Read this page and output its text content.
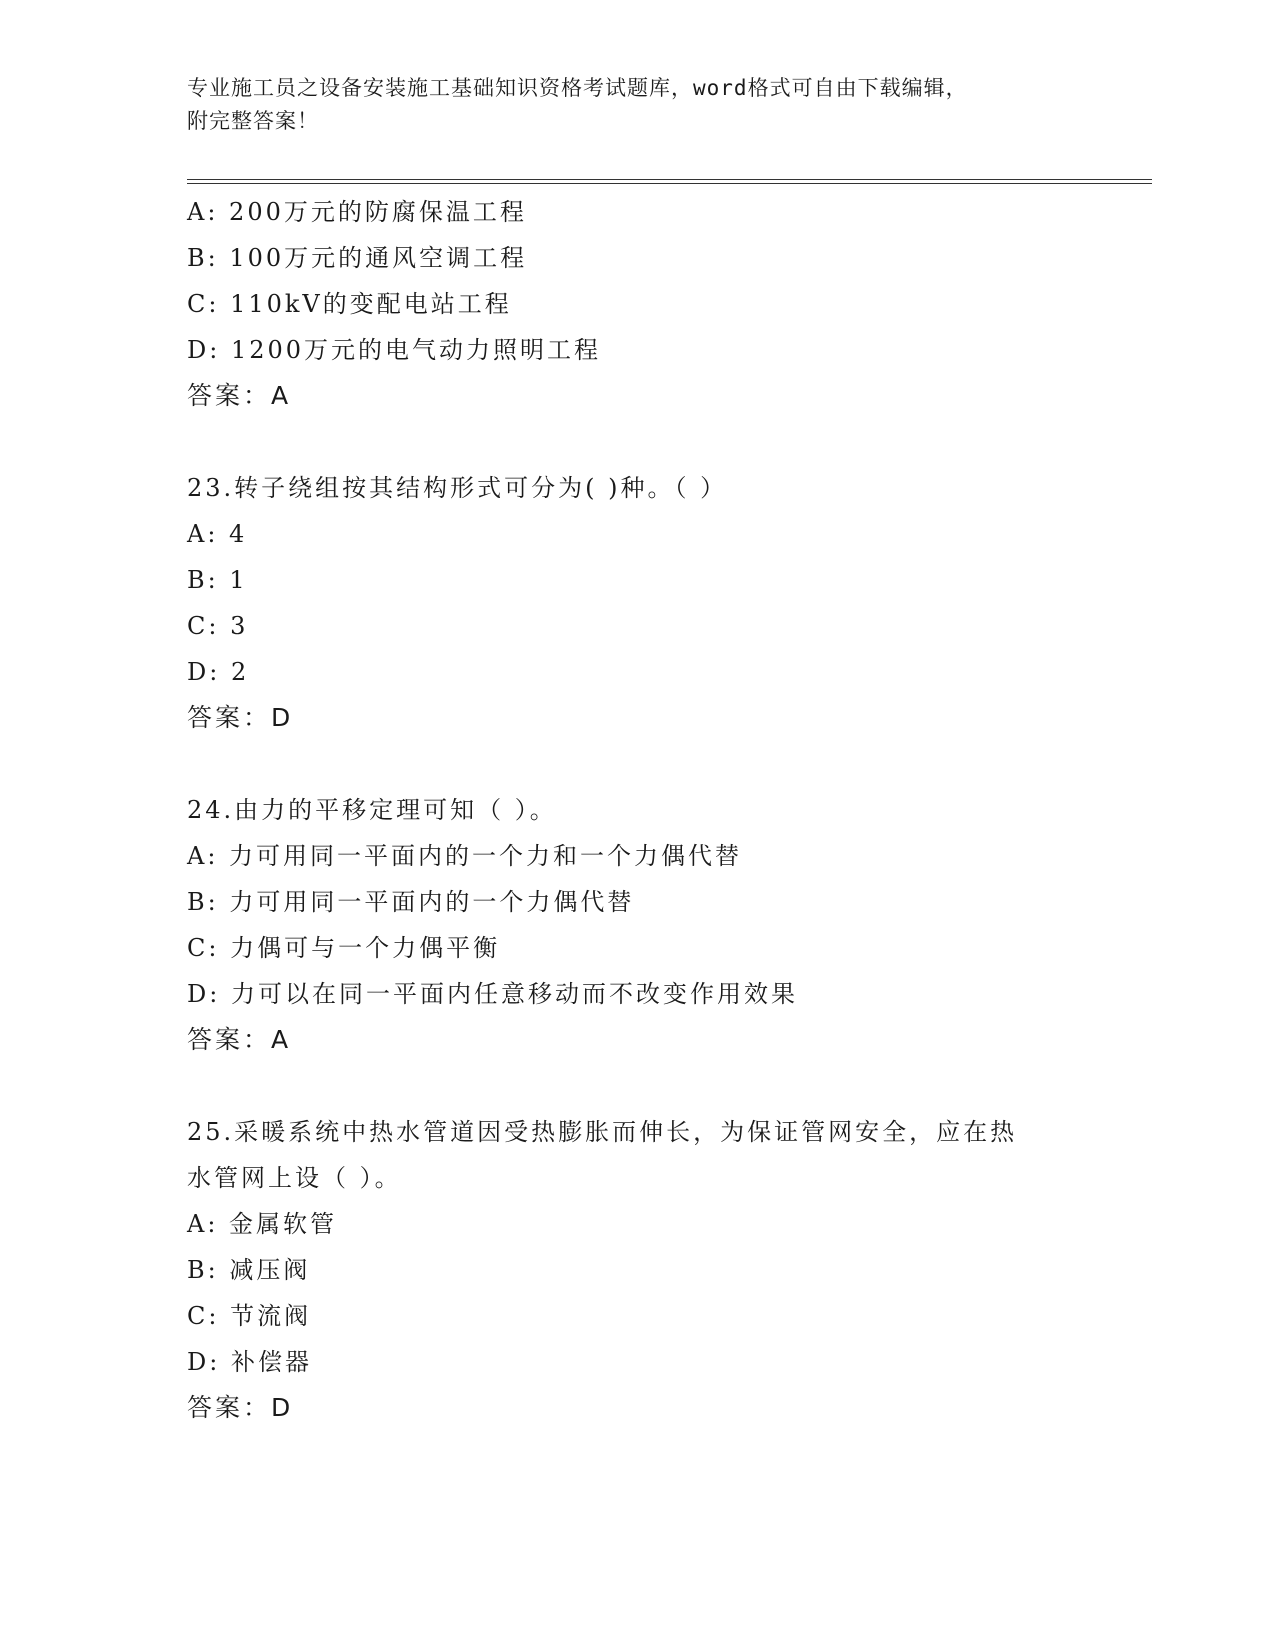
专业施工员之设备安装施工基础知识资格考试题库，word格式可自由下载编辑，
附完整答案！
A: 200万元的防腐保温工程
B: 100万元的通风空调工程
C: 110kV的变配电站工程
D: 1200万元的电气动力照明工程
答案：A
23.转子绕组按其结构形式可分为( )种。（ ）
A: 4
B: 1
C: 3
D: 2
答案：D
24.由力的平移定理可知（ ）。
A: 力可用同一平面内的一个力和一个力偶代替
B: 力可用同一平面内的一个力偶代替
C: 力偶可与一个力偶平衡
D: 力可以在同一平面内任意移动而不改变作用效果
答案：A
25.采暖系统中热水管道因受热膨胀而伸长，为保证管网安全，应在热
水管网上设（ ）。
A: 金属软管
B: 减压阀
C: 节流阀
D: 补偿器
答案：D
